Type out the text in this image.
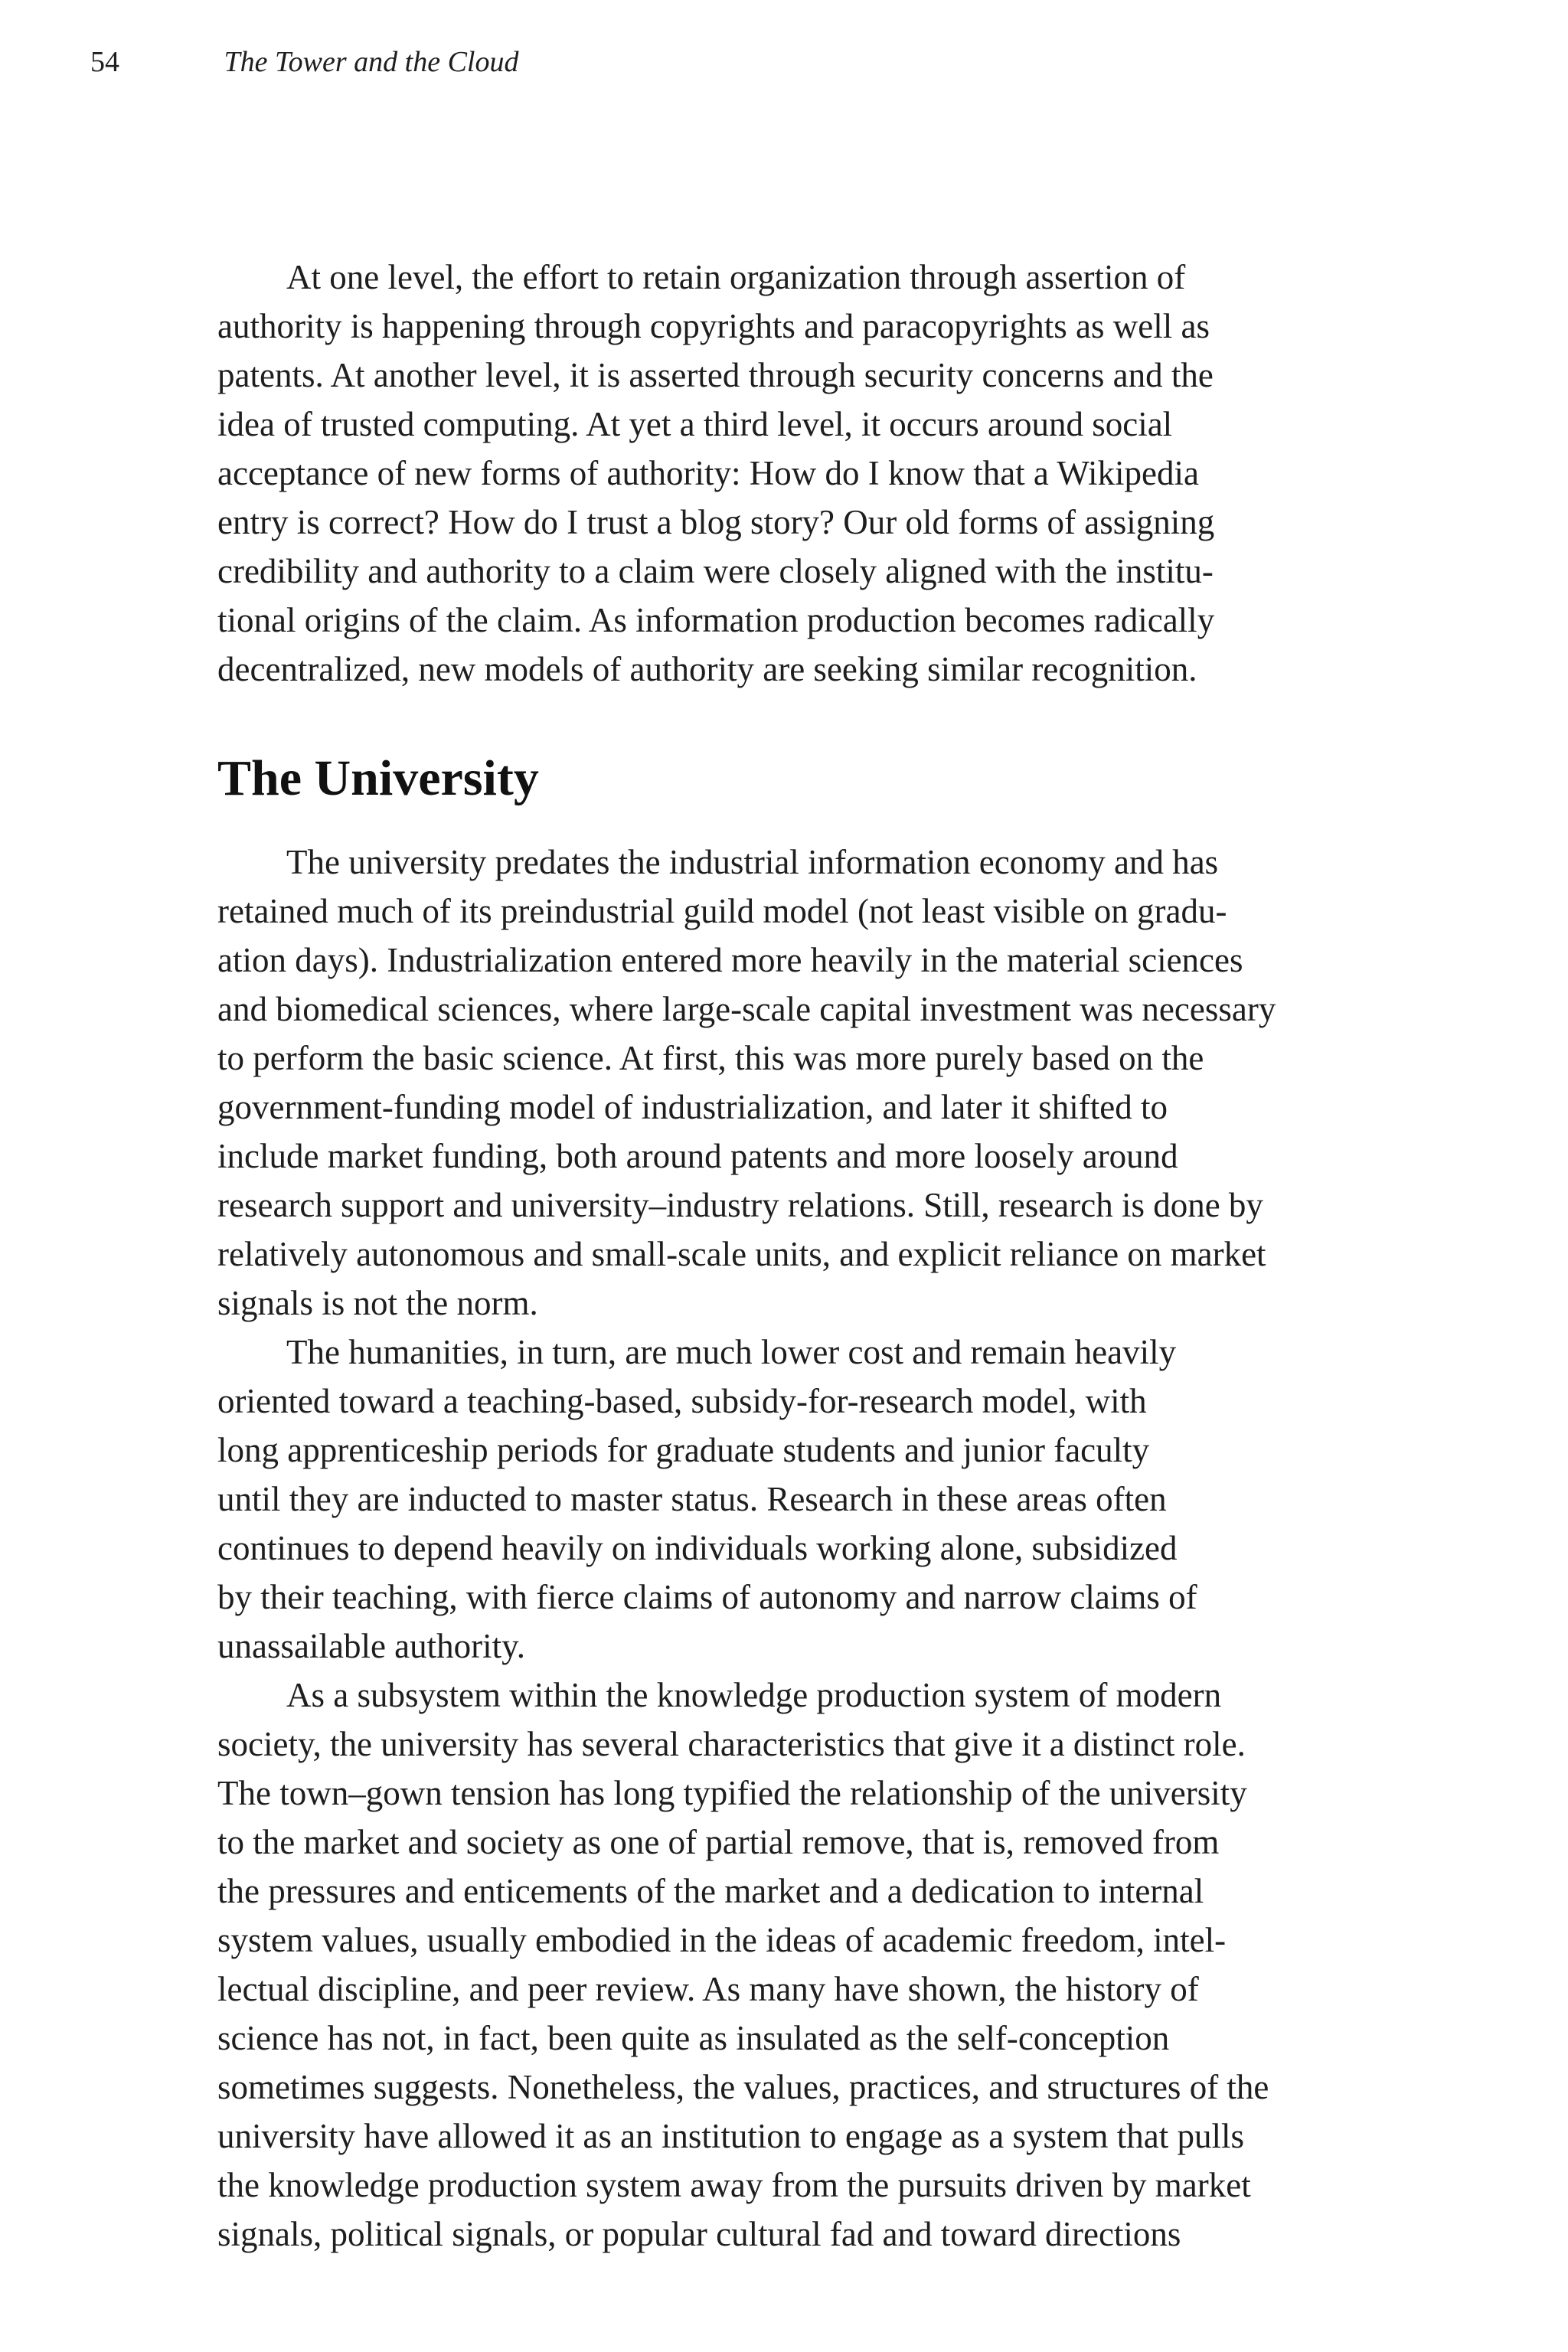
54	The Tower and the Cloud
At one level, the effort to retain organization through assertion of
authority is happening through copyrights and paracopyrights as well as
patents. At another level, it is asserted through security concerns and the
idea of trusted computing. At yet a third level, it occurs around social
acceptance of new forms of authority: How do I know that a Wikipedia
entry is correct? How do I trust a blog story? Our old forms of assigning
credibility and authority to a claim were closely aligned with the institu-
tional origins of the claim. As information production becomes radically
decentralized, new models of authority are seeking similar recognition.
The University
The university predates the industrial information economy and has
retained much of its preindustrial guild model (not least visible on gradu-
ation days). Industrialization entered more heavily in the material sciences
and biomedical sciences, where large-scale capital investment was necessary
to perform the basic science. At first, this was more purely based on the
government-funding model of industrialization, and later it shifted to
include market funding, both around patents and more loosely around
research support and university–industry relations. Still, research is done by
relatively autonomous and small-scale units, and explicit reliance on market
signals is not the norm.
The humanities, in turn, are much lower cost and remain heavily
oriented toward a teaching-based, subsidy-for-research model, with
long apprenticeship periods for graduate students and junior faculty
until they are inducted to master status. Research in these areas often
continues to depend heavily on individuals working alone, subsidized
by their teaching, with fierce claims of autonomy and narrow claims of
unassailable authority.
As a subsystem within the knowledge production system of modern
society, the university has several characteristics that give it a distinct role.
The town–gown tension has long typified the relationship of the university
to the market and society as one of partial remove, that is, removed from
the pressures and enticements of the market and a dedication to internal
system values, usually embodied in the ideas of academic freedom, intel-
lectual discipline, and peer review. As many have shown, the history of
science has not, in fact, been quite as insulated as the self-conception
sometimes suggests. Nonetheless, the values, practices, and structures of the
university have allowed it as an institution to engage as a system that pulls
the knowledge production system away from the pursuits driven by market
signals, political signals, or popular cultural fad and toward directions
